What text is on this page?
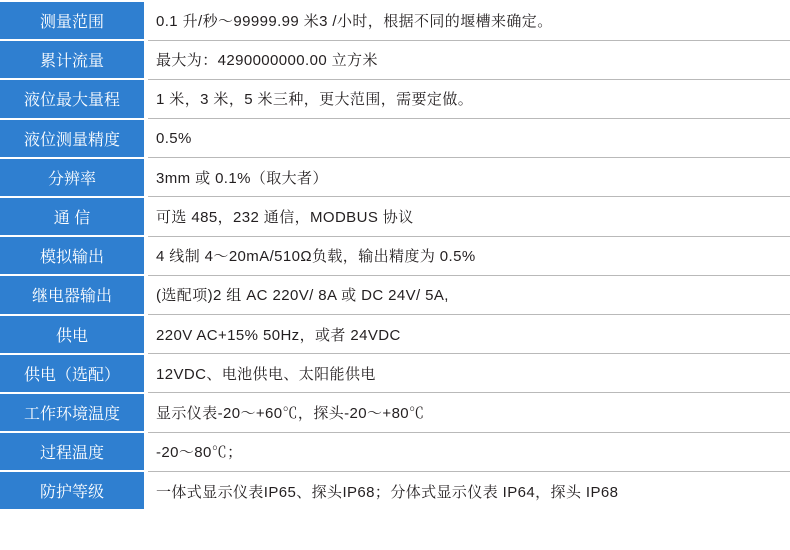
测量范围	0.1 升/秒～99999.99 米3 /小时，根据不同的堰槽来确定。
累计流量	最大为：4290000000.00 立方米
液位最大量程	1 米，3 米，5 米三种，更大范围，需要定做。
液位测量精度	0.5%
分辨率	3mm 或 0.1%（取大者）
通 信	可选 485，232 通信，MODBUS 协议
模拟输出	4 线制 4～20mA/510Ω负载，输出精度为 0.5%
继电器输出	(选配项)2 组 AC 220V/ 8A 或 DC 24V/ 5A,
供电	220V AC+15% 50Hz，或者 24VDC
供电（选配）	12VDC、电池供电、太阳能供电
工作环境温度	显示仪表-20～+60℃，探头-20～+80℃
过程温度	-20～80℃；
防护等级	一体式显示仪表IP65、探头IP68；分体式显示仪表 IP64，探头 IP68
